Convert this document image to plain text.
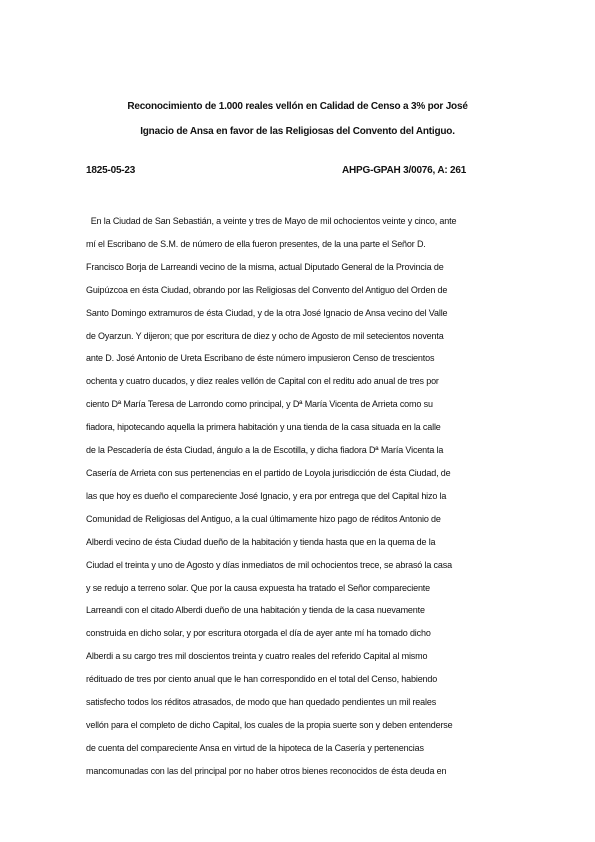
Reconocimiento de 1.000 reales vellón en Calidad de Censo a 3% por José
Ignacio de Ansa en favor de las Religiosas del Convento del Antiguo.
1825-05-23	AHPG-GPAH 3/0076, A: 261
En la Ciudad de San Sebastián, a veinte y tres de Mayo de mil ochocientos veinte y cinco, ante
mí el Escribano de S.M. de número de ella fueron presentes, de la una parte el Señor D.
Francisco Borja de Larreandi vecino de la misma, actual Diputado General de la Provincia de
Guipúzcoa en ésta Ciudad, obrando por las Religiosas del Convento del Antiguo del Orden de
Santo Domingo extramuros de ésta Ciudad, y de la otra José Ignacio de Ansa vecino del Valle
de Oyarzun. Y dijeron; que por escritura de diez y ocho de Agosto de mil setecientos noventa
ante D. José Antonio de Ureta Escribano de éste número impusieron Censo de trescientos
ochenta y cuatro ducados, y diez reales vellón de Capital con el reditu ado anual de tres por
ciento Dª María Teresa de Larrondo como principal, y Dª María Vicenta de Arrieta como su
fiadora, hipotecando aquella la primera habitación y una tienda de la casa situada en la calle
de la Pescadería de ésta Ciudad, ángulo a la de Escotilla, y dicha fiadora Dª María Vicenta la
Casería de Arrieta con sus pertenencias en el partido de Loyola jurisdicción de ésta Ciudad, de
las que hoy es dueño el compareciente José Ignacio, y era por entrega que del Capital hizo la
Comunidad de Religiosas del Antiguo, a la cual últimamente hizo pago de réditos Antonio de
Alberdi vecino de ésta Ciudad dueño de la habitación y tienda hasta que en la quema de la
Ciudad el treinta y uno de Agosto y días inmediatos de mil ochocientos trece, se abrasó la casa
y se redujo a terreno solar. Que por la causa expuesta ha tratado el Señor compareciente
Larreandi con el citado Alberdi dueño de una habitación y tienda de la casa nuevamente
construida en dicho solar, y por escritura otorgada el día de ayer ante mí ha tomado dicho
Alberdi a su cargo tres mil doscientos treinta y cuatro reales del referido Capital al mismo
rédituado de tres por ciento anual que le han correspondido en el total del Censo, habiendo
satisfecho todos los réditos atrasados, de modo que han quedado pendientes un mil reales
vellón para el completo de dicho Capital, los cuales de la propia suerte son y deben entenderse
de cuenta del compareciente Ansa en virtud de la hipoteca de la Casería y pertenencias
mancomunadas con las del principal por no haber otros bienes reconocidos de ésta deuda en
